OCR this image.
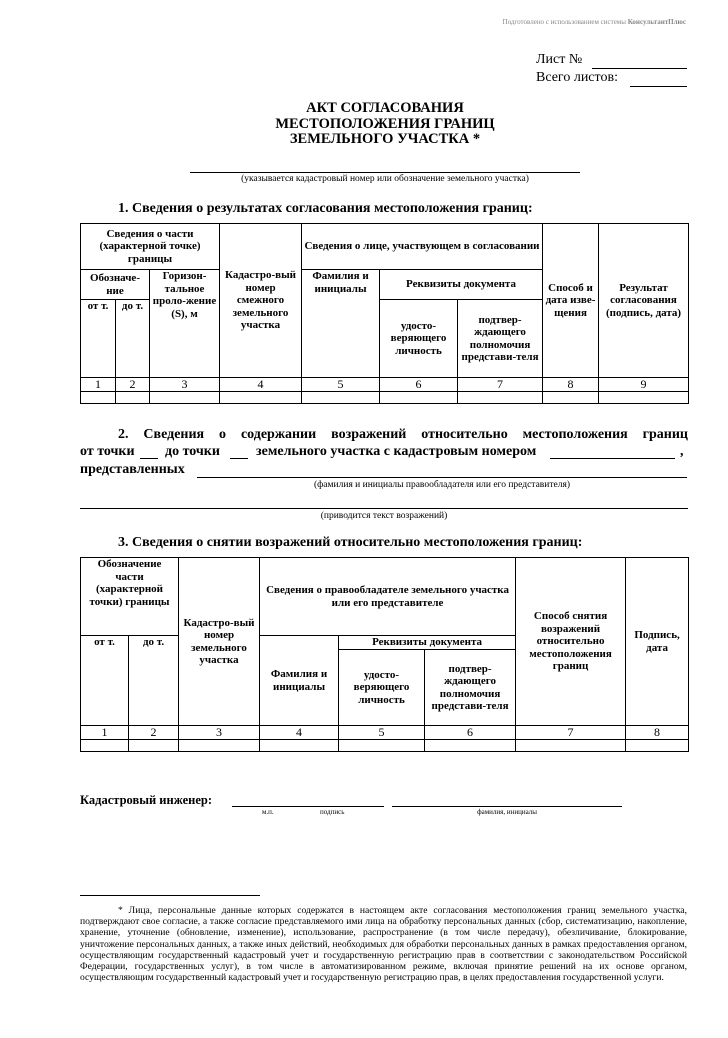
Подготовлено с использованием системы КонсультантПлюс
Лист №
Всего листов:
АКТ СОГЛАСОВАНИЯ
МЕСТОПОЛОЖЕНИЯ ГРАНИЦ
ЗЕМЕЛЬНОГО УЧАСТКА *
(указывается кадастровый номер или обозначение земельного участка)
1. Сведения о результатах согласования местоположения границ:
Сведения о части (характерной точке) границы			Кадастро-вый номер смежного земельного участка	Сведения о лице, участвующем в согласовании			Способ и дата изве-щения	Результат согласования (подпись, дата)
Обозначе-ние		Горизон-тальное проло-жение (S), м		Фамилия и инициалы	Реквизиты документа			
от т.	до т.				удосто-веряющего личность	подтвер-ждающего полномочия представи-теля		

1	2	3	4	5	6	7	8	9

2. Сведения о содержании возражений относительно местоположения границ
от точки до точки	земельного участка с кадастровым номером	,
представленных
(фамилия и инициалы правообладателя или его представителя)
(приводится текст возражений)
3. Сведения о снятии возражений относительно местоположения границ:
Обозначение части (характерной точки) границы		Кадастро-вый номер земельного участка	Сведения о правообладателе земельного участка или его представителе			Способ снятия возражений относительно местоположения границ	Подпись, дата
от т.	до т.		Фамилия и инициалы	Реквизиты документа			
				удосто-веряющего личность	подтвер-ждающего полномочия представи-теля		

1	2	3	4	5	6	7	8

Кадастровый инженер:
м.п.	подпись	фамилия, инициалы
* Лица, персональные данные которых содержатся в настоящем акте согласования местоположения границ земельного участка, подтверждают свое согласие, а также согласие представляемого ими лица на обработку персональных данных (сбор, систематизацию, накопление, хранение, уточнение (обновление, изменение), использование, распространение (в том числе передачу), обезличивание, блокирование, уничтожение персональных данных, а также иных действий, необходимых для обработки персональных данных в рамках предоставления органом, осуществляющим государственный кадастровый учет и государственную регистрацию прав в соответствии с законодательством Российской Федерации, государственных услуг), в том числе в автоматизированном режиме, включая принятие решений на их основе органом, осуществляющим государственный кадастровый учет и государственную регистрацию прав, в целях предоставления государственной услуги.
